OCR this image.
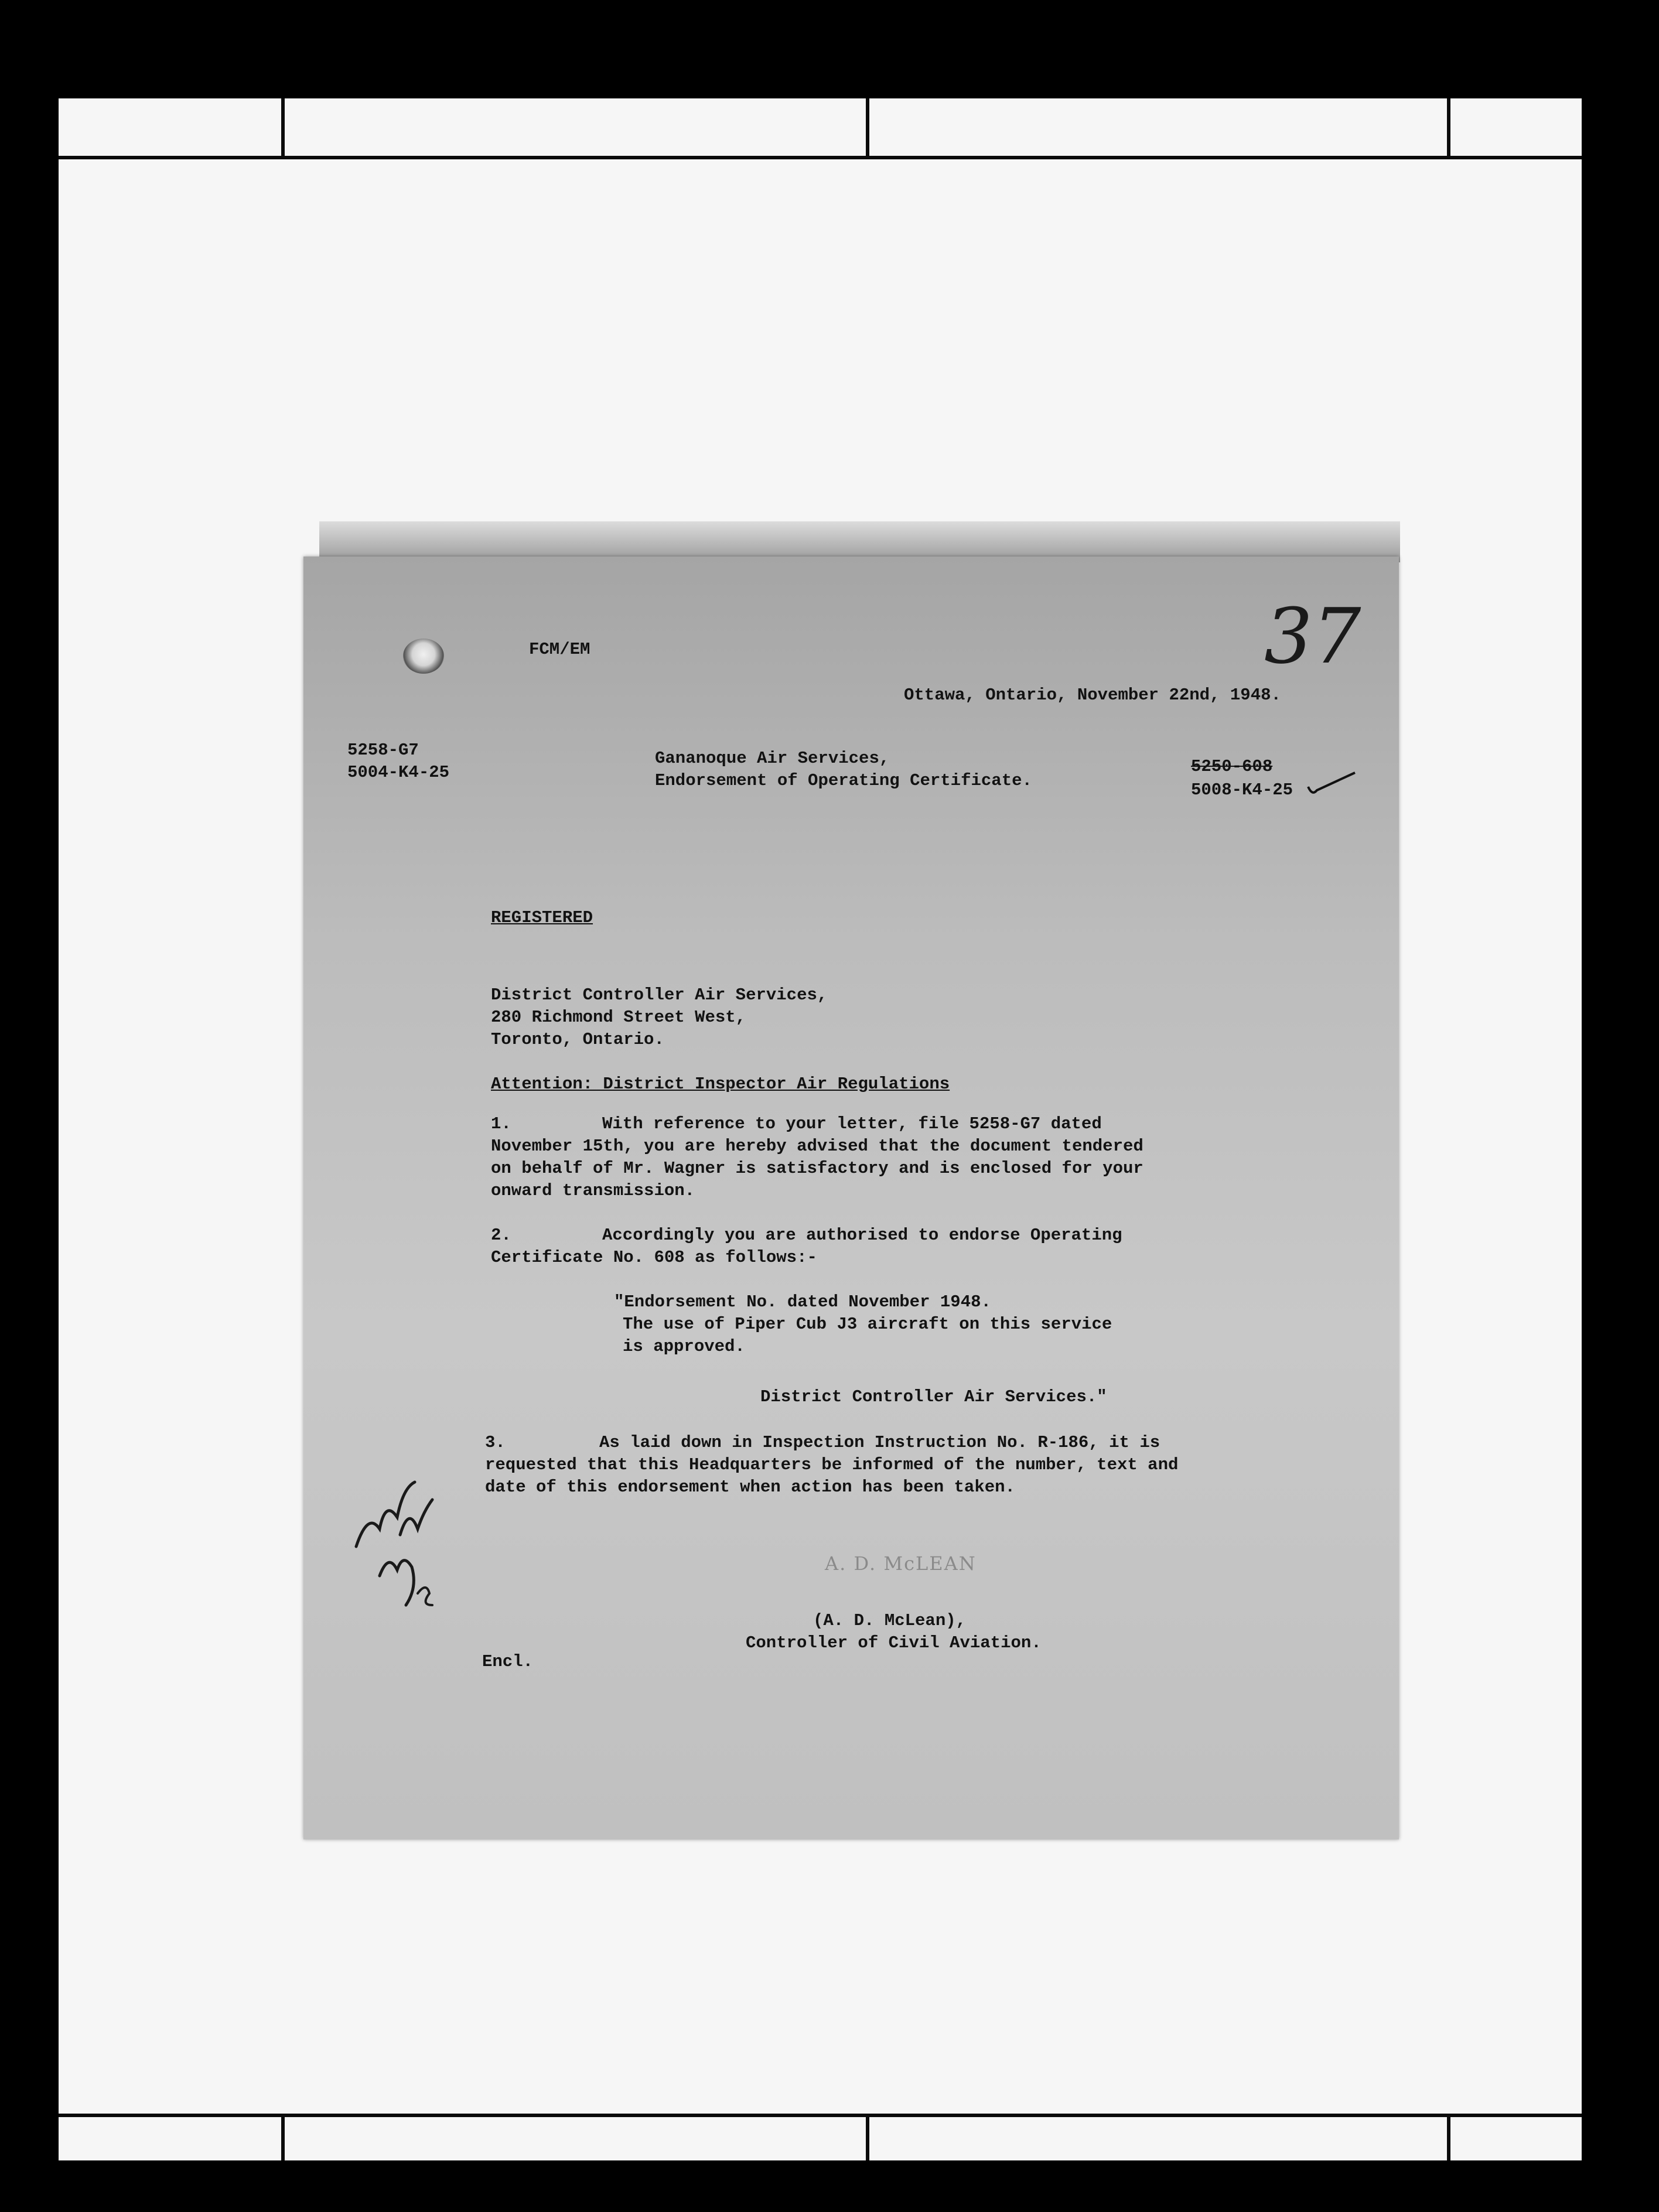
FCM/EM	37
Ottawa, Ontario, November 22nd, 1948.
5258-G7
5004-K4-25
Gananoque Air Services,
Endorsement of Operating Certificate.
5250-608
5008-K4-25
REGISTERED
District Controller Air Services,
280 Richmond Street West,
Toronto, Ontario.
Attention: District Inspector Air Regulations
1.	With reference to your letter, file 5258-G7 dated
November 15th, you are hereby advised that the document tendered
on behalf of Mr. Wagner is satisfactory and is enclosed for your
onward transmission.
2.	Accordingly you are authorised to endorse Operating
Certificate No. 608 as follows:-
"Endorsement No. dated November 1948.
The use of Piper Cub J3 aircraft on this service
is approved.
District Controller Air Services."
3.	As laid down in Inspection Instruction No. R-186, it is
requested that this Headquarters be informed of the number, text and
date of this endorsement when action has been taken.
A. D. McLEAN
(A. D. McLean),
Controller of Civil Aviation.
Encl.
